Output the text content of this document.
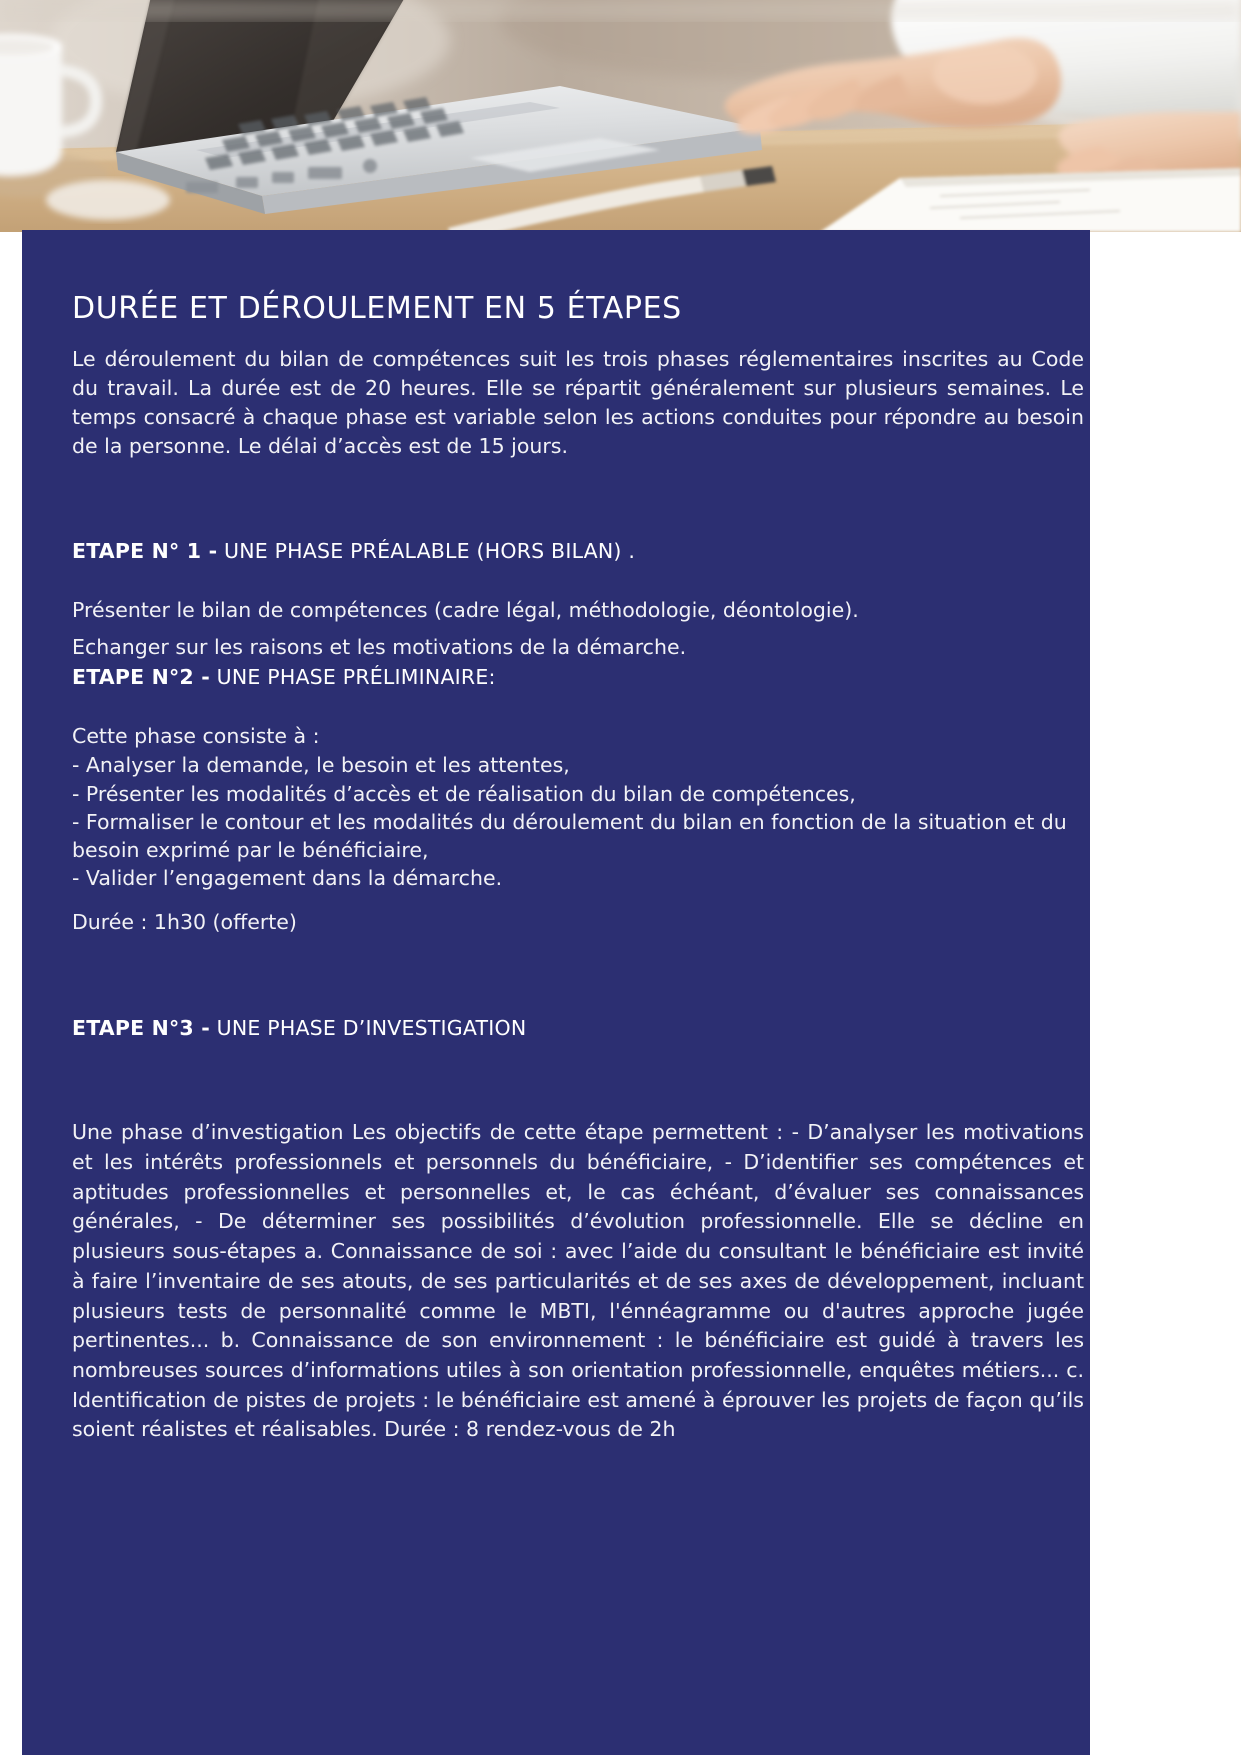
DURÉE ET DÉROULEMENT EN 5 ÉTAPES

Le déroulement du bilan de compétences suit les trois phases réglementaires inscrites au Code du travail. La durée est de 20 heures. Elle se répartit généralement sur plusieurs semaines. Le temps consacré à chaque phase est variable selon les actions conduites pour répondre au besoin de la personne. Le délai d’accès est de 15 jours.

ETAPE N° 1 - UNE PHASE PRÉALABLE (HORS BILAN) .

Présenter le bilan de compétences (cadre légal, méthodologie, déontologie).

Echanger sur les raisons et les motivations de la démarche.

ETAPE N°2 - UNE PHASE PRÉLIMINAIRE:

Cette phase consiste à :

- Analyser la demande, le besoin et les attentes,
- Présenter les modalités d’accès et de réalisation du bilan de compétences,
- Formaliser le contour et les modalités du déroulement du bilan en fonction de la situation et du besoin exprimé par le bénéficiaire,
- Valider l’engagement dans la démarche.

Durée : 1h30 (offerte)

ETAPE N°3 - UNE PHASE D’INVESTIGATION

Une phase d’investigation Les objectifs de cette étape permettent : - D’analyser les motivations et les intérêts professionnels et personnels du bénéficiaire, - D’identifier ses compétences et aptitudes professionnelles et personnelles et, le cas échéant, d’évaluer ses connaissances générales, - De déterminer ses possibilités d’évolution professionnelle. Elle se décline en plusieurs sous-étapes a. Connaissance de soi : avec l’aide du consultant le bénéficiaire est invité à faire l’inventaire de ses atouts, de ses particularités et de ses axes de développement, incluant plusieurs tests de personnalité comme le MBTI, l'énnéagramme ou d'autres approche jugée pertinentes... b. Connaissance de son environnement : le bénéficiaire est guidé à travers les nombreuses sources d’informations utiles à son orientation professionnelle, enquêtes métiers... c. Identification de pistes de projets : le bénéficiaire est amené à éprouver les projets de façon qu’ils soient réalistes et réalisables. Durée : 8 rendez-vous de 2h
